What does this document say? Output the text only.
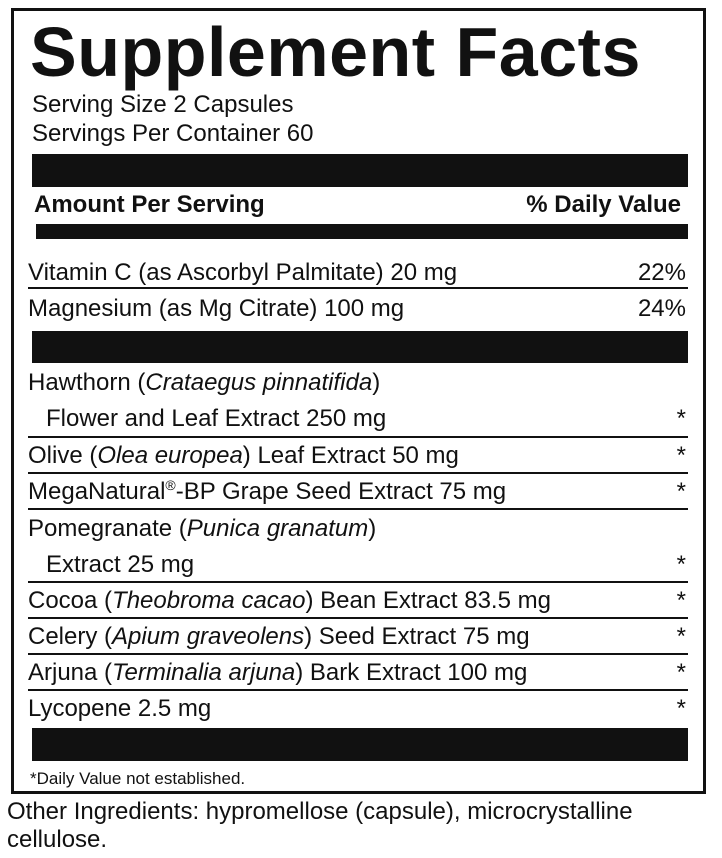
Supplement Facts
Serving Size 2 Capsules
Servings Per Container 60
Amount Per Serving	% Daily Value
Vitamin C (as Ascorbyl Palmitate) 20 mg	22%
Magnesium (as Mg Citrate) 100 mg	24%
Hawthorn (Crataegus pinnatifida)
Flower and Leaf Extract 250 mg	*
Olive (Olea europea) Leaf Extract 50 mg	*
MegaNatural®-BP Grape Seed Extract 75 mg	*
Pomegranate (Punica granatum)
Extract 25 mg	*
Cocoa (Theobroma cacao) Bean Extract 83.5 mg	*
Celery (Apium graveolens) Seed Extract 75 mg	*
Arjuna (Terminalia arjuna) Bark Extract 100 mg	*
Lycopene 2.5 mg	*
*Daily Value not established.
Other Ingredients: hypromellose (capsule), microcrystalline cellulose.
